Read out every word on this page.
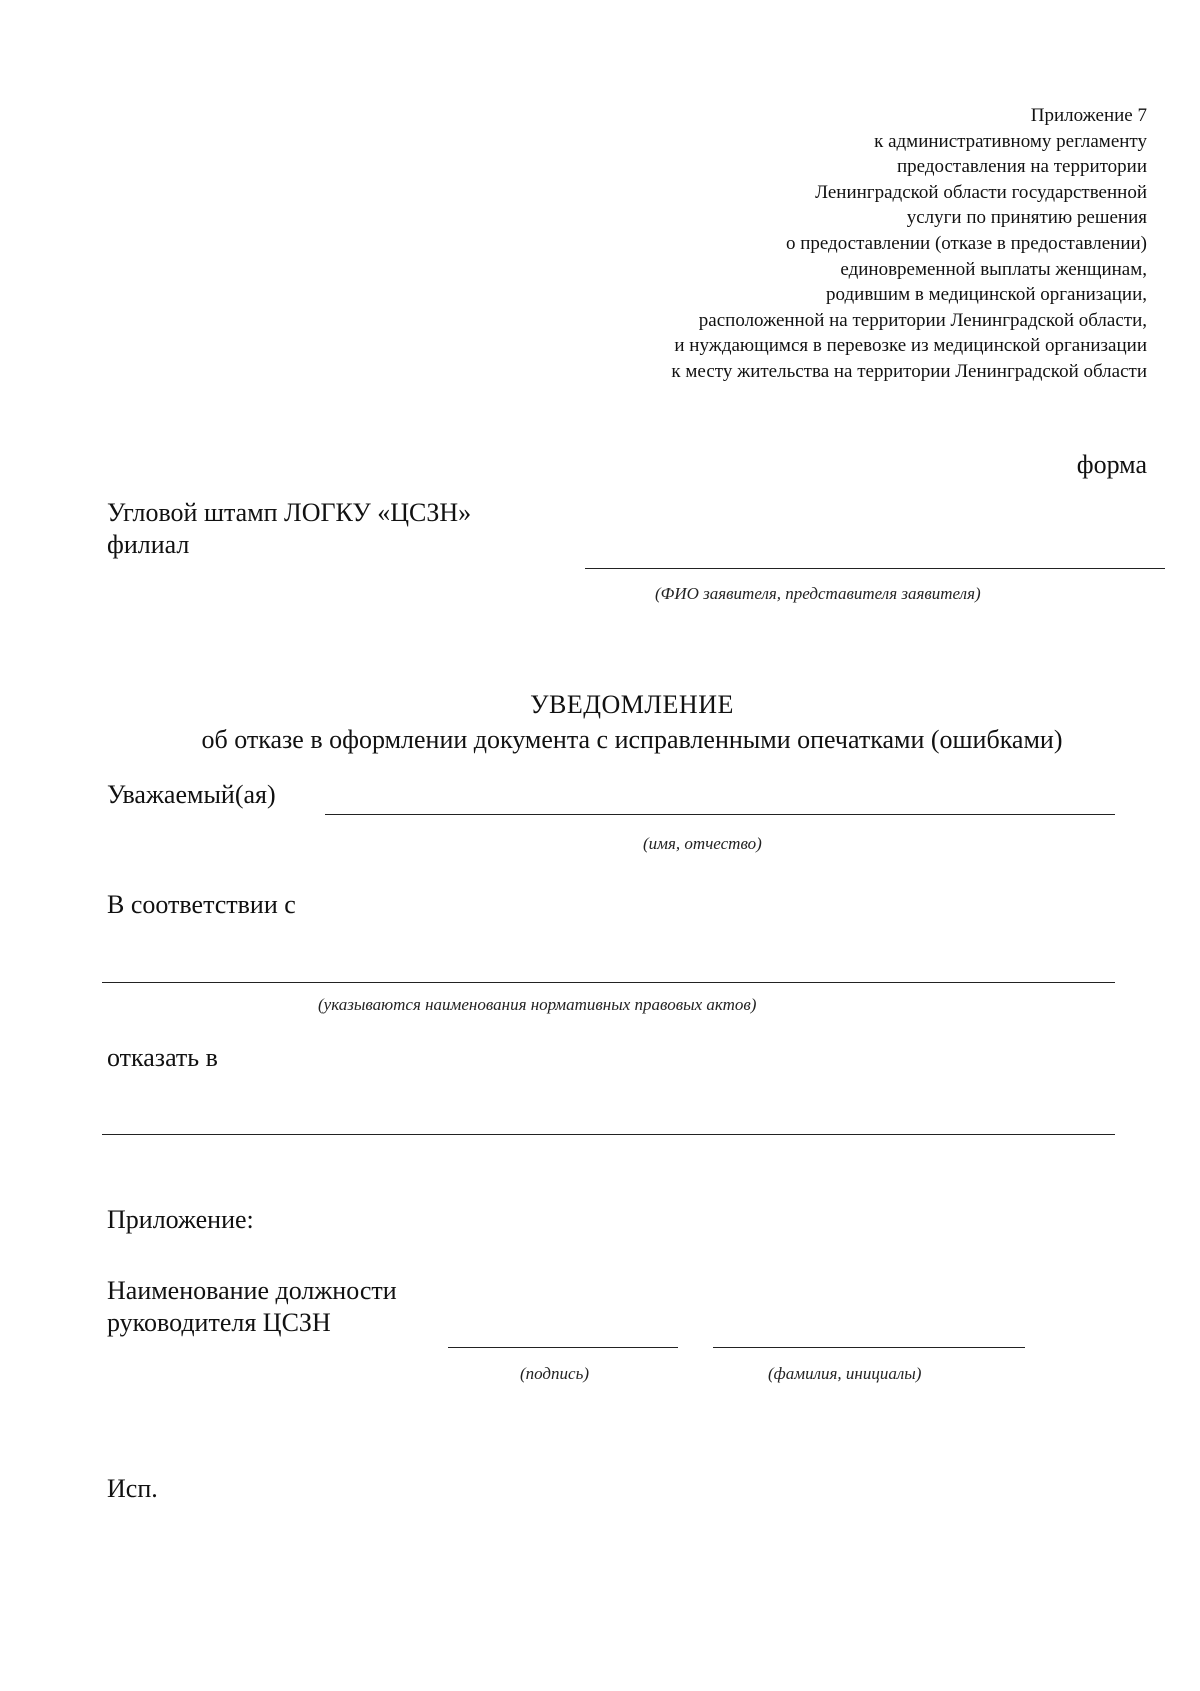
Приложение 7
к административному регламенту
предоставления на территории
Ленинградской области государственной
услуги по принятию решения
о предоставлении (отказе в предоставлении)
единовременной выплаты женщинам,
родившим в медицинской организации,
расположенной на территории Ленинградской области,
и нуждающимся в перевозке из медицинской организации
к месту жительства на территории Ленинградской области
форма
Угловой штамп ЛОГКУ «ЦСЗН»
филиал
(ФИО заявителя, представителя заявителя)
УВЕДОМЛЕНИЕ
об отказе в оформлении документа с исправленными опечатками (ошибками)
Уважаемый(ая)
(имя, отчество)
В соответствии с
(указываются наименования нормативных правовых актов)
отказать в
Приложение:
Наименование должности
руководителя ЦСЗН
(подпись)	(фамилия, инициалы)
Исп.
